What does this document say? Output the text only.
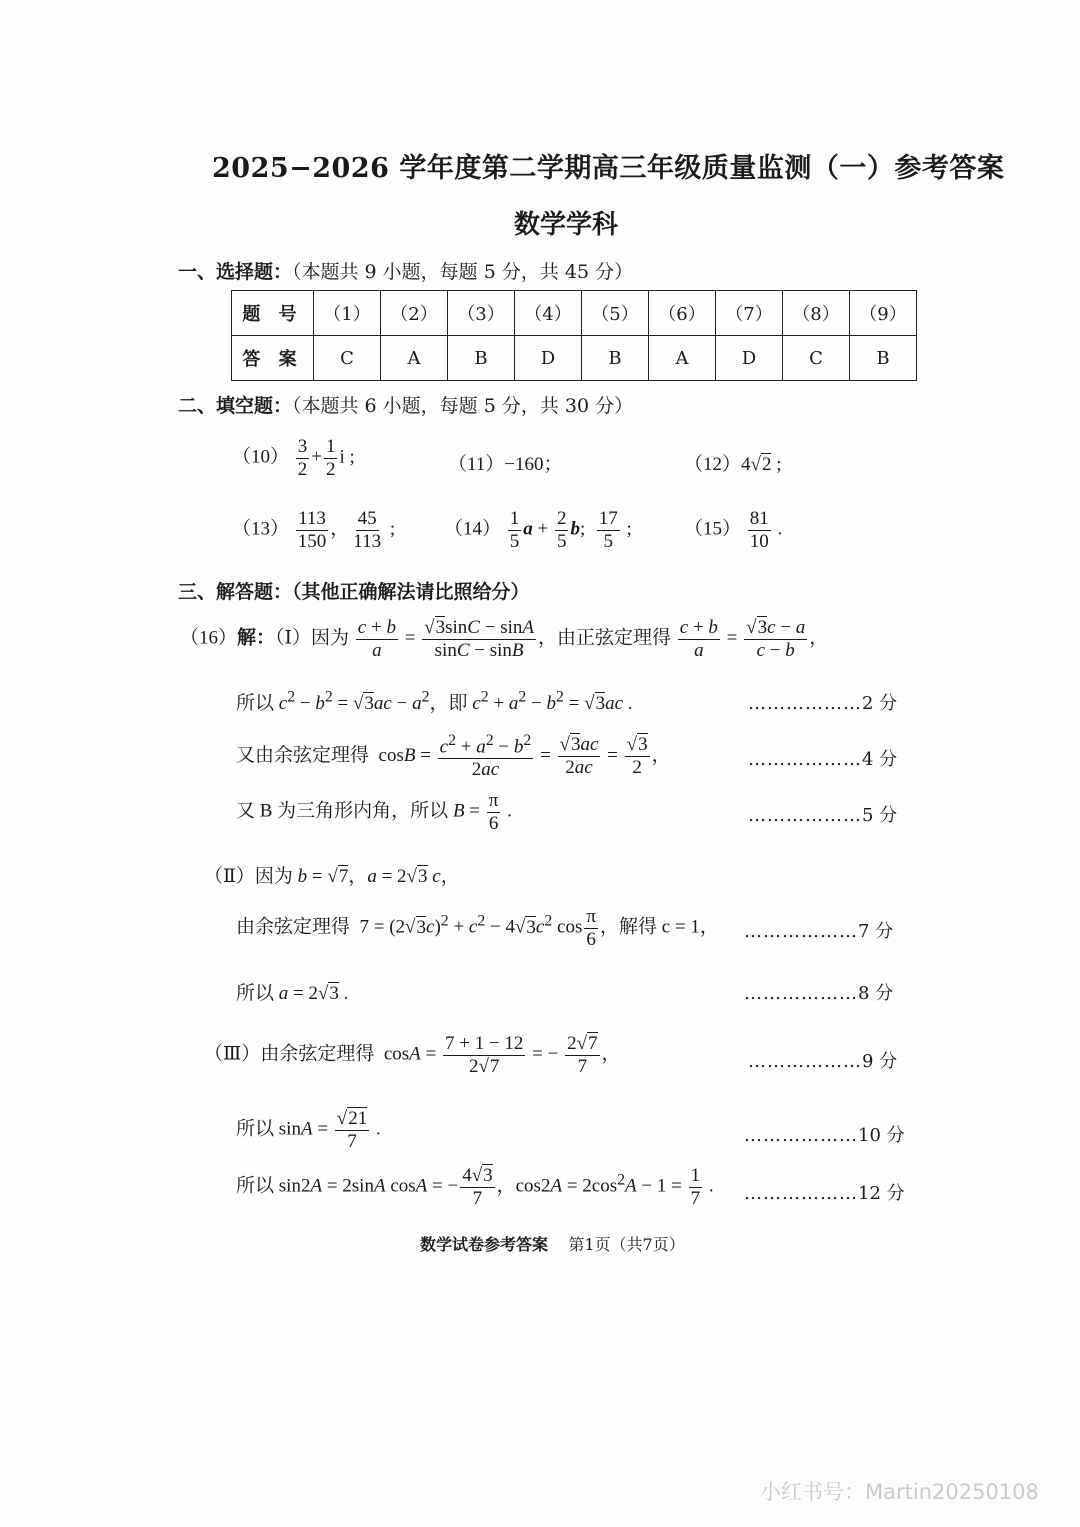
2025−2026 学年度第二学期高三年级质量监测（一）参考答案
数学学科
一、选择题：（本题共 9 小题，每题 5 分，共 45 分）
题 号	（1）	（2）	（3）	（4）	（5）	（6）	（7）	（8）	（9）
答 案	C	A	B	D	B	A	D	C	B
二、填空题：（本题共 6 小题，每题 5 分，共 30 分）
$(10) \frac{3}{2} + \frac{1}{2}$ i ;	（11）−160；	（12）4√2 ;
$(13) \frac{113}{150}$ ， $\frac{45}{113}$ ;	$(14) \frac{1}{5}$ $a + \frac{2}{5} b$; $\frac{17}{5}$ ;	$(15) \frac{81}{10}$ .
三、解答题：（其他正确解法请比照给分）
（16）解：（Ⅰ）因为 $\frac{c + b}{a} = \frac{√3\sin C - \sin A}{\sin C - \sin B}$ ，由正弦定理得 $\frac{c + b}{a} = \frac{√3c - a}{c - b}$ ，
所以 $c^2 - b^2 = √3ac - a^2$，即 $c^2 + a^2 - b^2 = √3ac$ .	………………2 分
又由余弦定理得  $\cos B = \frac{c^2 + a^2 - b^2}{2ac} = \frac{√3ac}{2ac} = \frac{√3}{2}$ ，	………………4 分
又 B 为三角形内角，所以 $B = \frac{\pi}{6}$ .	………………5 分
（Ⅱ）因为 b = √7，a = 2√3 c，
由余弦定理得  $7 = (2√3c)^2 + c^2 - 4√3c^2$ $\cos \frac{\pi}{6}$ ，解得 c = 1， ………………7 分
所以 a = 2√3 .	………………8 分
（Ⅲ）由余弦定理得  $\cos A = \frac{7 + 1 - 12}{2√7}$ = − $\frac{2√7}{7}$ ，	………………9 分
所以 $\sin A = \frac{√21}{7}$ .	………………10 分
所以 sin2A = 2sinA cosA = − $\frac{4√3}{7}$ ，$\cos 2A = 2\cos^2A - 1 = \frac{1}{7}$ . ………………12 分
数学试卷参考答案 第1页（共7页）
小红书号：Martin20250108
